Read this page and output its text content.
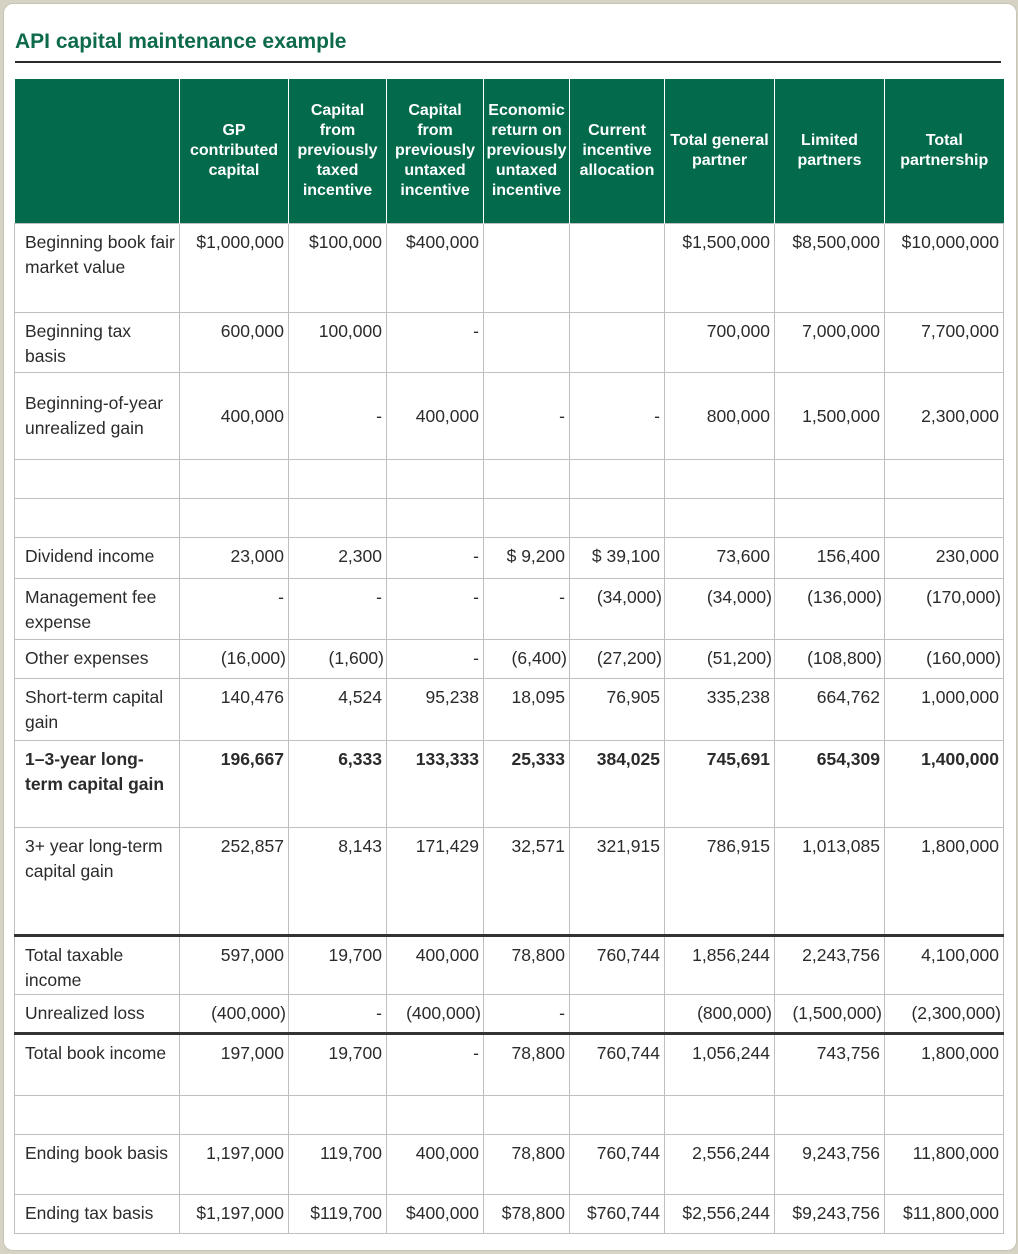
API capital maintenance example
	GP contributed capital	Capital from previously taxed incentive	Capital from previously untaxed incentive	Economic return on previously untaxed incentive	Current incentive allocation	Total general partner	Limited partners	Total partnership
Beginning book fair market value	$1,000,000	$100,000	$400,000			$1,500,000	$8,500,000	$10,000,000
Beginning tax basis	600,000	100,000	-			700,000	7,000,000	7,700,000
Beginning-of-year unrealized gain	400,000	-	400,000	-	-	800,000	1,500,000	2,300,000

Dividend income	23,000	2,300	-	$ 9,200	$ 39,100	73,600	156,400	230,000
Management fee expense	-	-	-	-	(34,000)	(34,000)	(136,000)	(170,000)
Other expenses	(16,000)	(1,600)	-	(6,400)	(27,200)	(51,200)	(108,800)	(160,000)
Short-term capital gain	140,476	4,524	95,238	18,095	76,905	335,238	664,762	1,000,000
1–3-year long-term capital gain	196,667	6,333	133,333	25,333	384,025	745,691	654,309	1,400,000
3+ year long-term capital gain	252,857	8,143	171,429	32,571	321,915	786,915	1,013,085	1,800,000
Total taxable income	597,000	19,700	400,000	78,800	760,744	1,856,244	2,243,756	4,100,000
Unrealized loss	(400,000)	-	(400,000)	-		(800,000)	(1,500,000)	(2,300,000)
Total book income	197,000	19,700	-	78,800	760,744	1,056,244	743,756	1,800,000

Ending book basis	1,197,000	119,700	400,000	78,800	760,744	2,556,244	9,243,756	11,800,000
Ending tax basis	$1,197,000	$119,700	$400,000	$78,800	$760,744	$2,556,244	$9,243,756	$11,800,000
